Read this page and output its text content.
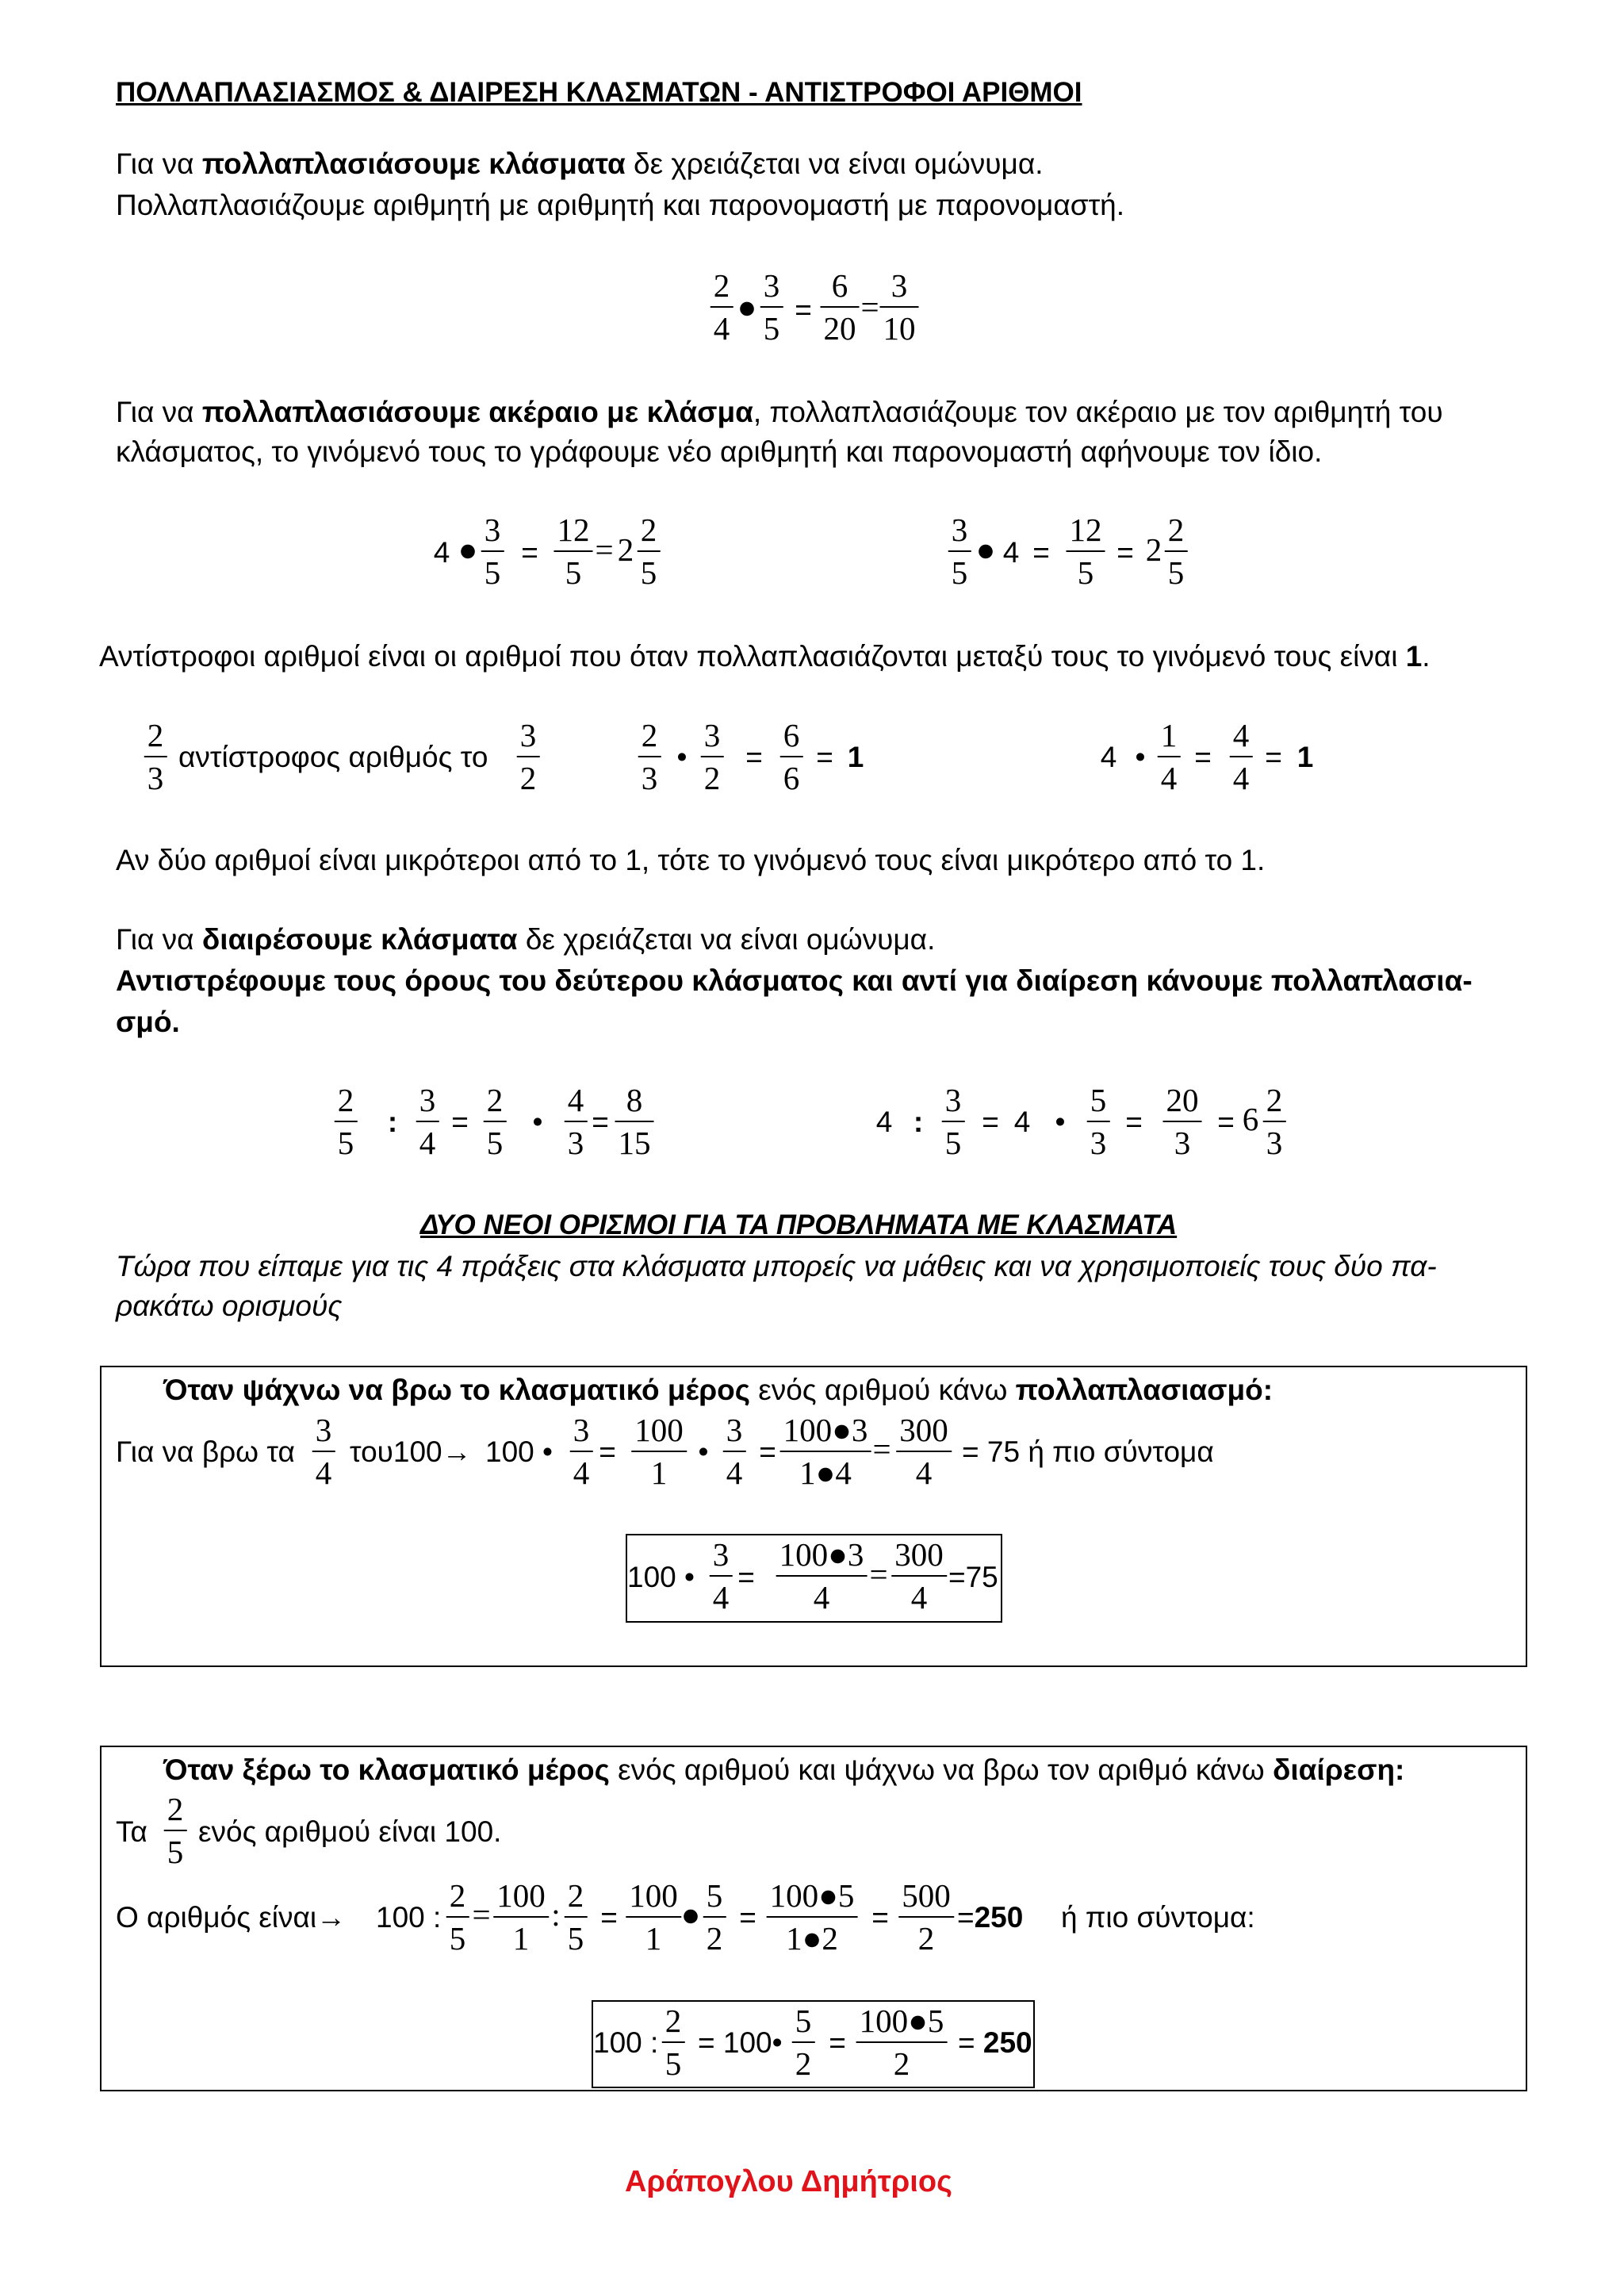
ΠΟΛΛΑΠΛΑΣΙΑΣΜΟΣ & ΔΙΑΙΡΕΣΗ ΚΛΑΣΜΑΤΩΝ - ΑΝΤΙΣΤΡΟΦΟΙ ΑΡΙΘΜΟΙ
Για να πολλαπλασιάσουμε κλάσματα δε χρειάζεται να είναι ομώνυμα.
Πολλαπλασιάζουμε αριθμητή με αριθμητή και παρονομαστή με παρονομαστή.
2
4
●
3
5
=
6
20
=
3
10
Για να πολλαπλασιάσουμε ακέραιο με κλάσμα, πολλαπλασιάζουμε τον ακέραιο με τον αριθμητή του
κλάσματος, το γινόμενό τους το γράφουμε νέο αριθμητή και παρονομαστή αφήνουμε τον ίδιο.
4 ●
3
5
=
12
5
= 2
2
5
3
5
● 4 =
12
5
= 2
2
5
Αντίστροφοι αριθμοί είναι οι αριθμοί που όταν πολλαπλασιάζονται μεταξύ τους το γινόμενό τους είναι 1.
2
3
αντίστροφος αριθμός το
3
2
2
3
•
3
2
=
6
6
= 1	4 •
1
4
=
4
4
= 1
Αν δύο αριθμοί είναι μικρότεροι από το 1, τότε το γινόμενό τους είναι μικρότερο από το 1.
Για να διαιρέσουμε κλάσματα δε χρειάζεται να είναι ομώνυμα.
Αντιστρέφουμε τους όρους του δεύτερου κλάσματος και αντί για διαίρεση κάνουμε πολλαπλασια-
σμό.
2
5
:
3
4
=
2
5
•
4
3
=
8
15
4 :
3
5
= 4 •
5
3
=
20
3
= 6
2
3
ΔΥΟ ΝΕΟΙ ΟΡΙΣΜΟΙ ΓΙΑ ΤΑ ΠΡΟΒΛΗΜΑΤΑ ΜΕ ΚΛΑΣΜΑΤΑ
Τώρα που είπαμε για τις 4 πράξεις στα κλάσματα μπορείς να μάθεις και να χρησιμοποιείς τους δύο πα-
ρακάτω ορισμούς
Όταν ψάχνω να βρω το κλασματικό μέρος ενός αριθμού κάνω πολλαπλασιασμό:
Για να βρω τα
3
4
του100→ 100 •
3
4
=
100
1
•
3
4
=
100●3
1●4
=
300
4
= 75 ή πιο σύντομα
100 •
3
4
=
100●3
4
=
300
4
=75
Όταν ξέρω το κλασματικό μέρος ενός αριθμού και ψάχνω να βρω τον αριθμό κάνω διαίρεση:
Τα
2
5
ενός αριθμού είναι 100.
Ο αριθμός είναι→ 100 :
2
5
=
100
1
:
2
5
=
100
1
●
5
2
=
100●5
1●2
=
500
2
=250 ή πιο σύντομα:
100 :
2
5
= 100•
5
2
=
100●5
2
= 250
Αράπογλου Δημήτριος
